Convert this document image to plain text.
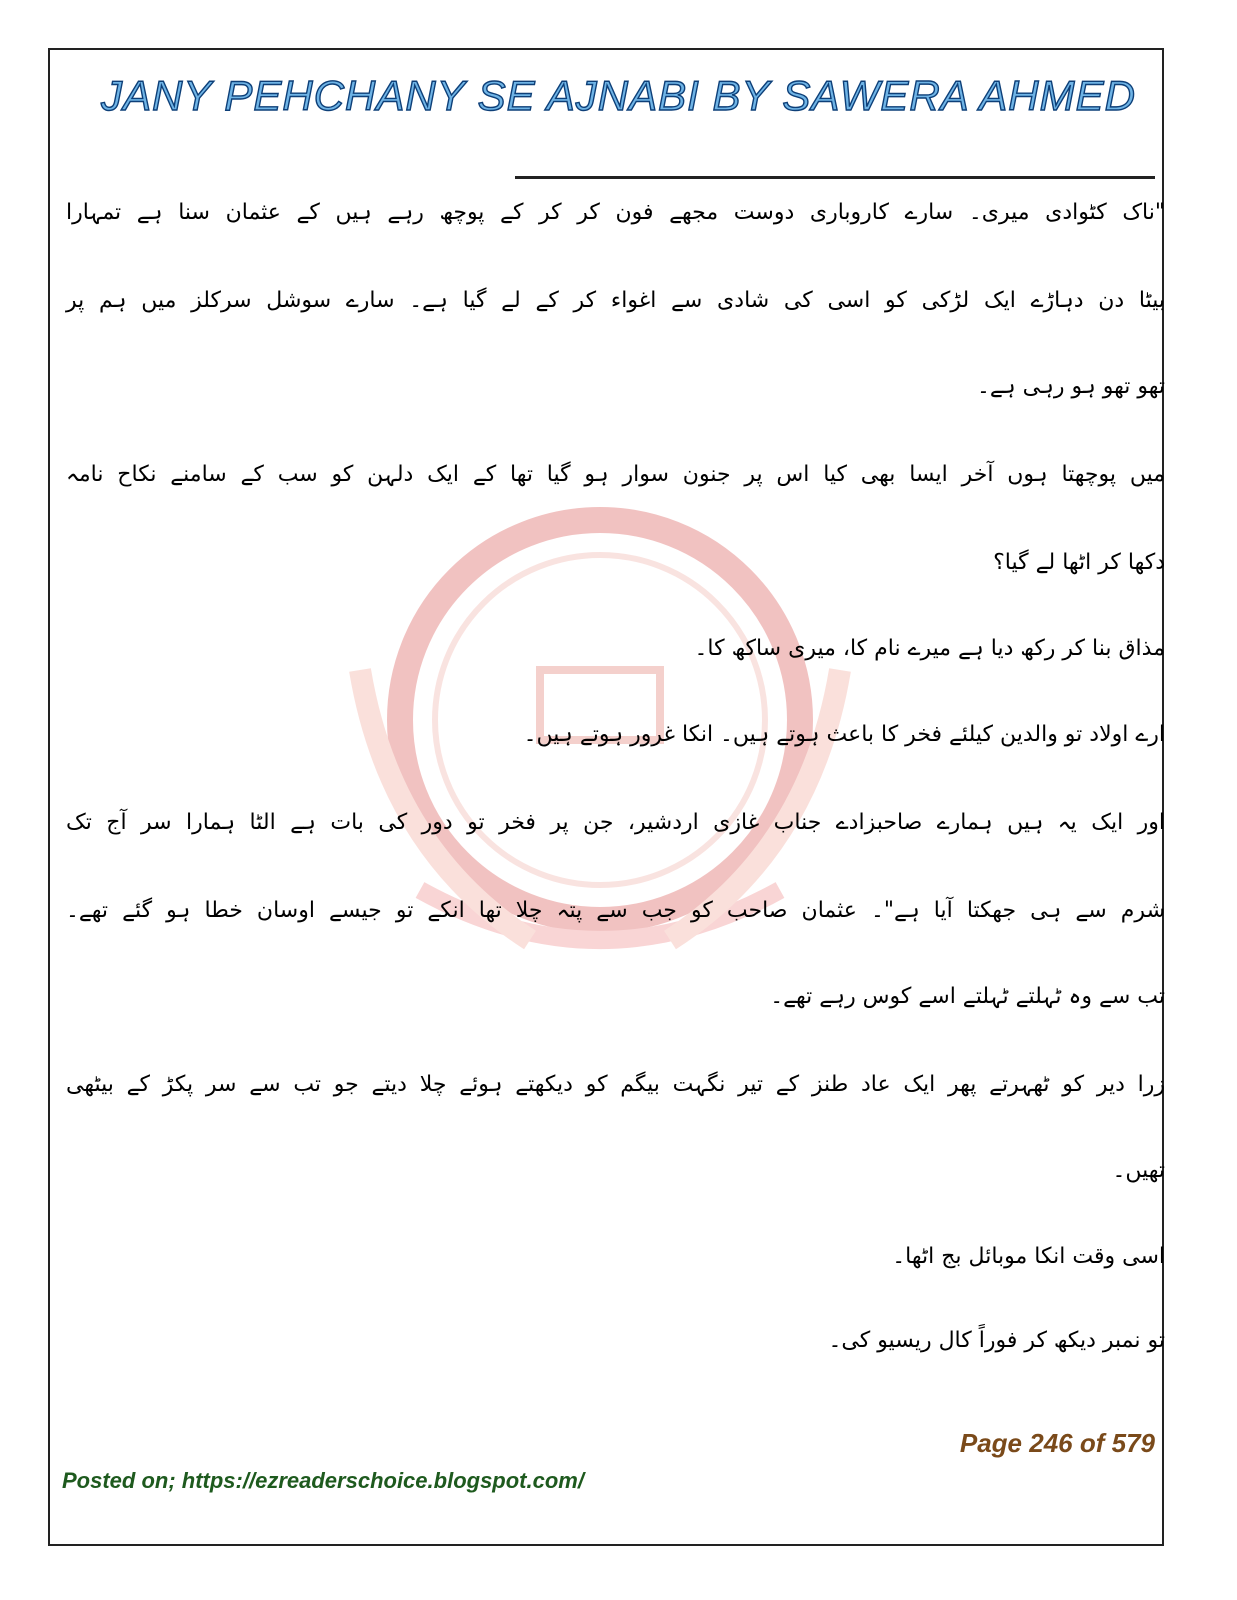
JANY PEHCHANY SE AJNABI BY SAWERA AHMED
"ناک کٹوادی میری۔ سارے کاروباری دوست مجھے فون کر کر کے پوچھ رہے ہیں کے عثمان سنا ہے تمہارا
بیٹا دن دہاڑے ایک لڑکی کو اسی کی شادی سے اغواء کر کے لے گیا ہے۔ سارے سوشل سرکلز میں ہم پر
تھو تھو ہو رہی ہے۔
میں پوچھتا ہوں آخر ایسا بھی کیا اس پر جنون سوار ہو گیا تھا کے ایک دلہن کو سب کے سامنے نکاح نامہ
دکھا کر اٹھا لے گیا؟
مذاق بنا کر رکھ دیا ہے میرے نام کا، میری ساکھ کا۔
ارے اولاد تو والدین کیلئے فخر کا باعث ہوتے ہیں۔ انکا غرور ہوتے ہیں۔
اور ایک یہ ہیں ہمارے صاحبزادے جناب غازی اردشیر، جن پر فخر تو دور کی بات ہے الٹا ہمارا سر آج تک
شرم سے ہی جھکتا آیا ہے"۔ عثمان صاحب کو جب سے پتہ چلا تھا انکے تو جیسے اوسان خطا ہو گئے تھے۔
تب سے وہ ٹہلتے ٹہلتے اسے کوس رہے تھے۔
زرا دیر کو ٹھہرتے پھر ایک عاد طنز کے تیر نگہت بیگم کو دیکھتے ہوئے چلا دیتے جو تب سے سر پکڑ کے بیٹھی
تھیں۔
اسی وقت انکا موبائل بج اٹھا۔
تو نمبر دیکھ کر فوراً کال ریسیو کی۔
Page 246 of 579
Posted on; https://ezreaderschoice.blogspot.com/
